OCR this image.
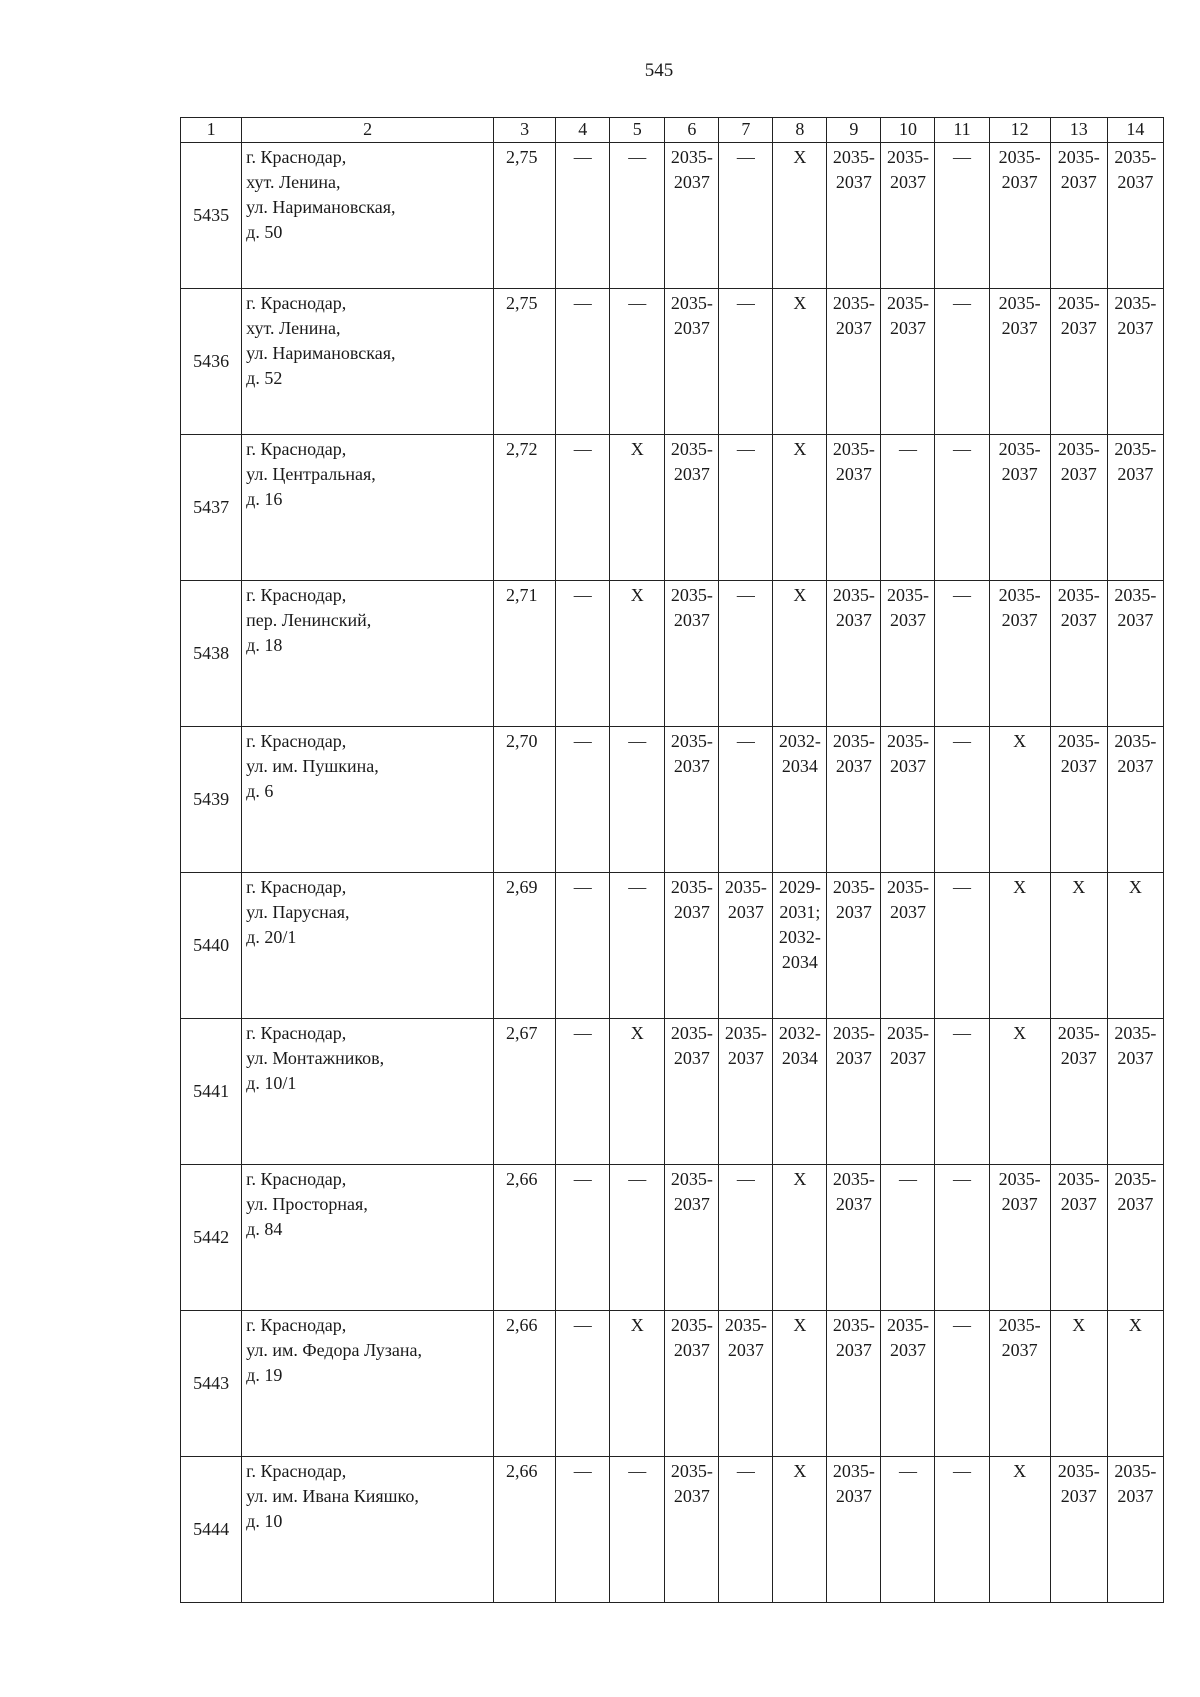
545
1	2	3	4	5	6	7	8	9	10	11	12	13	14
5435	г. Краснодар,
хут. Ленина,
ул. Наримановская,
д. 50	2,75	—	—	2035-
2037	—	X	2035-
2037	2035-
2037	—	2035-
2037	2035-
2037	2035-
2037

5436	г. Краснодар,
хут. Ленина,
ул. Наримановская,
д. 52	2,75	—	—	2035-
2037	—	X	2035-
2037	2035-
2037	—	2035-
2037	2035-
2037	2035-
2037

5437	г. Краснодар,
ул. Центральная,
д. 16	2,72	—	X	2035-
2037	—	X	2035-
2037	—	—	2035-
2037	2035-
2037	2035-
2037

5438	г. Краснодар,
пер. Ленинский,
д. 18	2,71	—	X	2035-
2037	—	X	2035-
2037	2035-
2037	—	2035-
2037	2035-
2037	2035-
2037

5439	г. Краснодар,
ул. им. Пушкина,
д. 6	2,70	—	—	2035-
2037	—	2032-
2034	2035-
2037	2035-
2037	—	X	2035-
2037	2035-
2037

5440	г. Краснодар,
ул. Парусная,
д. 20/1	2,69	—	—	2035-
2037	2035-
2037	2029-
2031;
2032-
2034	2035-
2037	2035-
2037	—	X	X	X

5441	г. Краснодар,
ул. Монтажников,
д. 10/1	2,67	—	X	2035-
2037	2035-
2037	2032-
2034	2035-
2037	2035-
2037	—	X	2035-
2037	2035-
2037

5442	г. Краснодар,
ул. Просторная,
д. 84	2,66	—	—	2035-
2037	—	X	2035-
2037	—	—	2035-
2037	2035-
2037	2035-
2037

5443	г. Краснодар,
ул. им. Федора Лузана,
д. 19	2,66	—	X	2035-
2037	2035-
2037	X	2035-
2037	2035-
2037	—	2035-
2037	X	X

5444	г. Краснодар,
ул. им. Ивана Кияшко,
д. 10	2,66	—	—	2035-
2037	—	X	2035-
2037	—	—	X	2035-
2037	2035-
2037
